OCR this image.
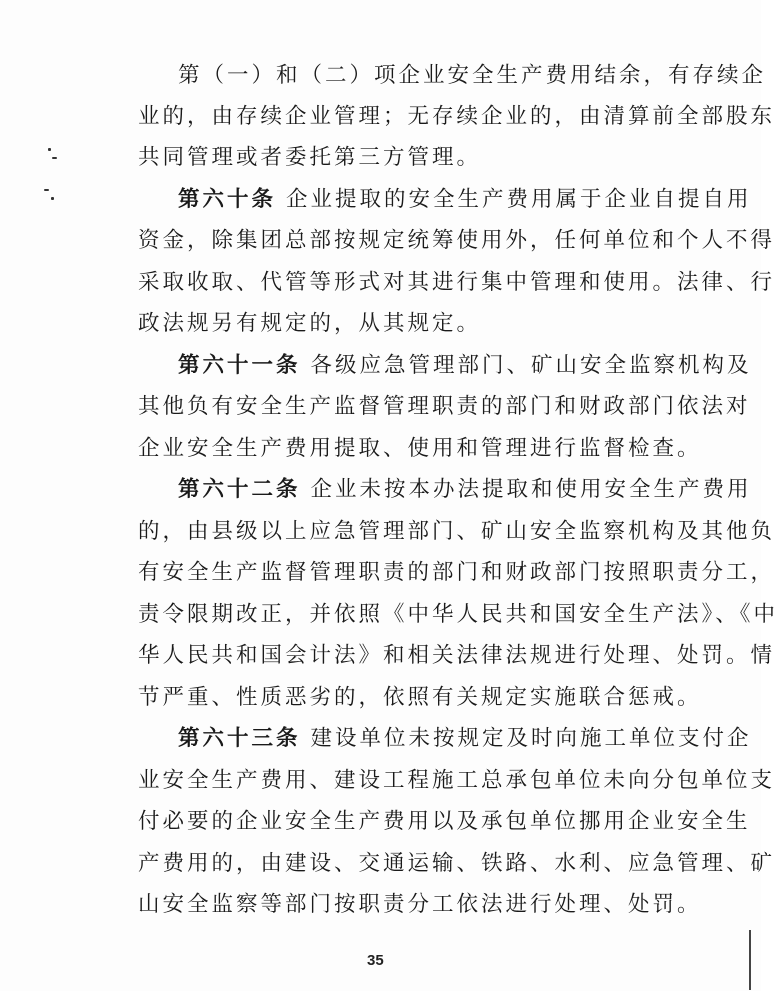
第（一）和（二）项企业安全生产费用结余，有存续企
业的，由存续企业管理；无存续企业的，由清算前全部股东
共同管理或者委托第三方管理。
第六十条 企业提取的安全生产费用属于企业自提自用
资金，除集团总部按规定统筹使用外，任何单位和个人不得
采取收取、代管等形式对其进行集中管理和使用。法律、行
政法规另有规定的，从其规定。
第六十一条 各级应急管理部门、矿山安全监察机构及
其他负有安全生产监督管理职责的部门和财政部门依法对
企业安全生产费用提取、使用和管理进行监督检查。
第六十二条 企业未按本办法提取和使用安全生产费用
的，由县级以上应急管理部门、矿山安全监察机构及其他负
有安全生产监督管理职责的部门和财政部门按照职责分工，
责令限期改正，并依照《中华人民共和国安全生产法》、《中
华人民共和国会计法》和相关法律法规进行处理、处罚。情
节严重、性质恶劣的，依照有关规定实施联合惩戒。
第六十三条 建设单位未按规定及时向施工单位支付企
业安全生产费用、建设工程施工总承包单位未向分包单位支
付必要的企业安全生产费用以及承包单位挪用企业安全生
产费用的，由建设、交通运输、铁路、水利、应急管理、矿
山安全监察等部门按职责分工依法进行处理、处罚。
35
